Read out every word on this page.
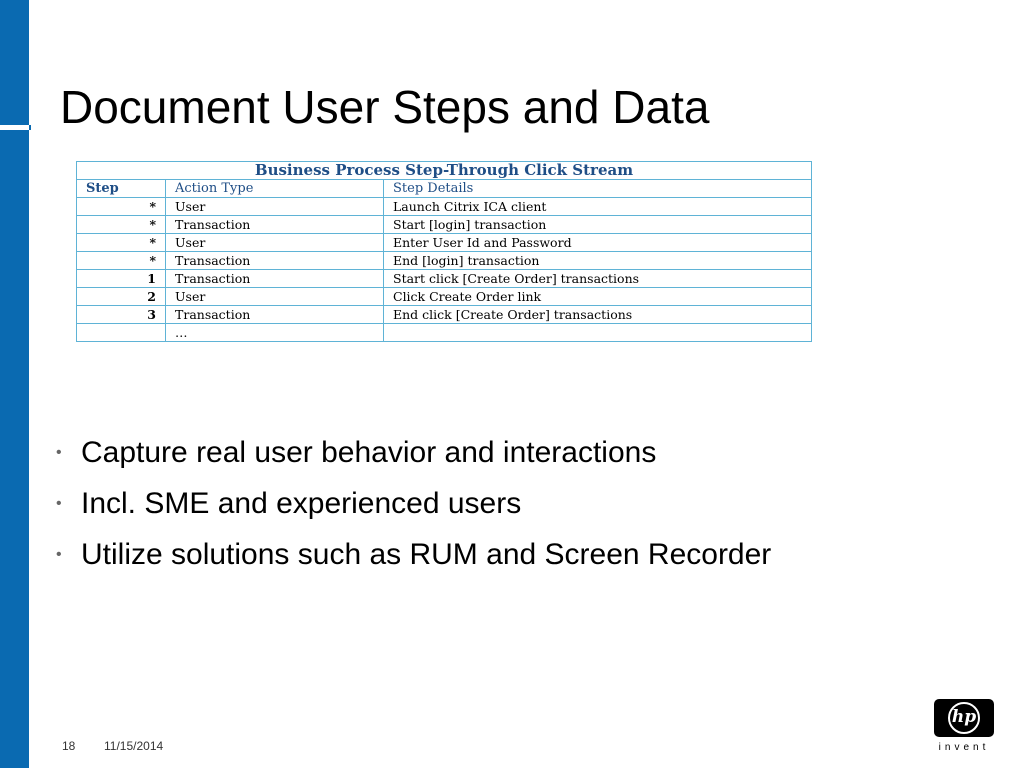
Document User Steps and Data
Business Process Step-Through Click Stream		
Step	Action Type	Step Details
*	User	Launch Citrix ICA client
*	Transaction	Start [login] transaction
*	User	Enter User Id and Password
*	Transaction	End [login] transaction
1	Transaction	Start click [Create Order] transactions
2	User	Click Create Order link
3	Transaction	End click [Create Order] transactions
	…	
• Capture real user behavior and interactions
• Incl. SME and experienced users
• Utilize solutions such as RUM and Screen Recorder
18 11/15/2014
hp
invent
